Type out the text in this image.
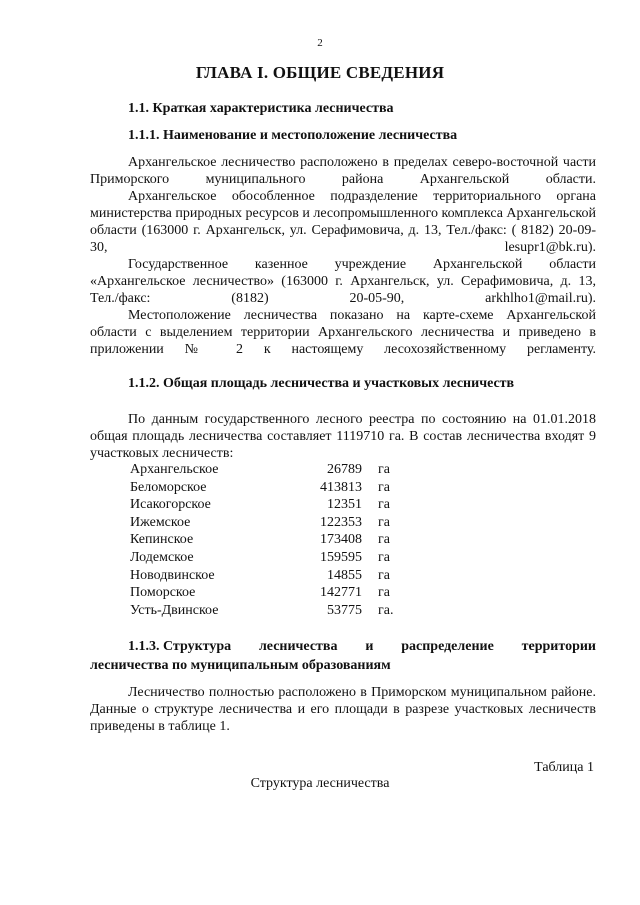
2
ГЛАВА I. ОБЩИЕ СВЕДЕНИЯ
1.1. Краткая характеристика лесничества
1.1.1. Наименование и местоположение лесничества

Архангельское лесничество расположено в пределах северо-восточной части Приморского муниципального района Архангельской области.

Архангельское обособленное подразделение территориального органа министерства природных ресурсов и лесопромышленного комплекса Архангельской области (163000 г. Архангельск, ул. Серафимовича, д. 13, Тел./факс: ( 8182) 20-09-30, lesupr1@bk.ru).

Государственное казенное учреждение Архангельской области «Архангельское лесничество» (163000 г. Архангельск, ул. Серафимовича, д. 13, Тел./факс: (8182) 20-05-90, arkhlho1@mail.ru).

Местоположение лесничества показано на карте-схеме Архангельской области с выделением территории Архангельского лесничества и приведено в приложении № 2 к настоящему лесохозяйственному регламенту.

1.1.2. Общая площадь лесничества и участковых лесничеств

По данным государственного лесного реестра по состоянию на 01.01.2018 общая площадь лесничества составляет 1119710 га. В состав лесничества входят 9 участковых лесничеств:

Архангельское	26789 га
Беломорское	413813 га
Исакогорское	12351 га
Ижемское	122353 га
Кепинское	173408 га
Лодемское	159595 га
Новодвинское	14855 га
Поморское	142771 га
Усть-Двинское	53775 га.
1.1.3. Структура лесничества и распределение территории
лесничества по муниципальным образованиям

Лесничество полностью расположено в Приморском муниципальном районе. Данные о структуре лесничества и его площади в разрезе участковых лесничеств приведены в таблице 1.

Таблица 1
Структура лесничества
